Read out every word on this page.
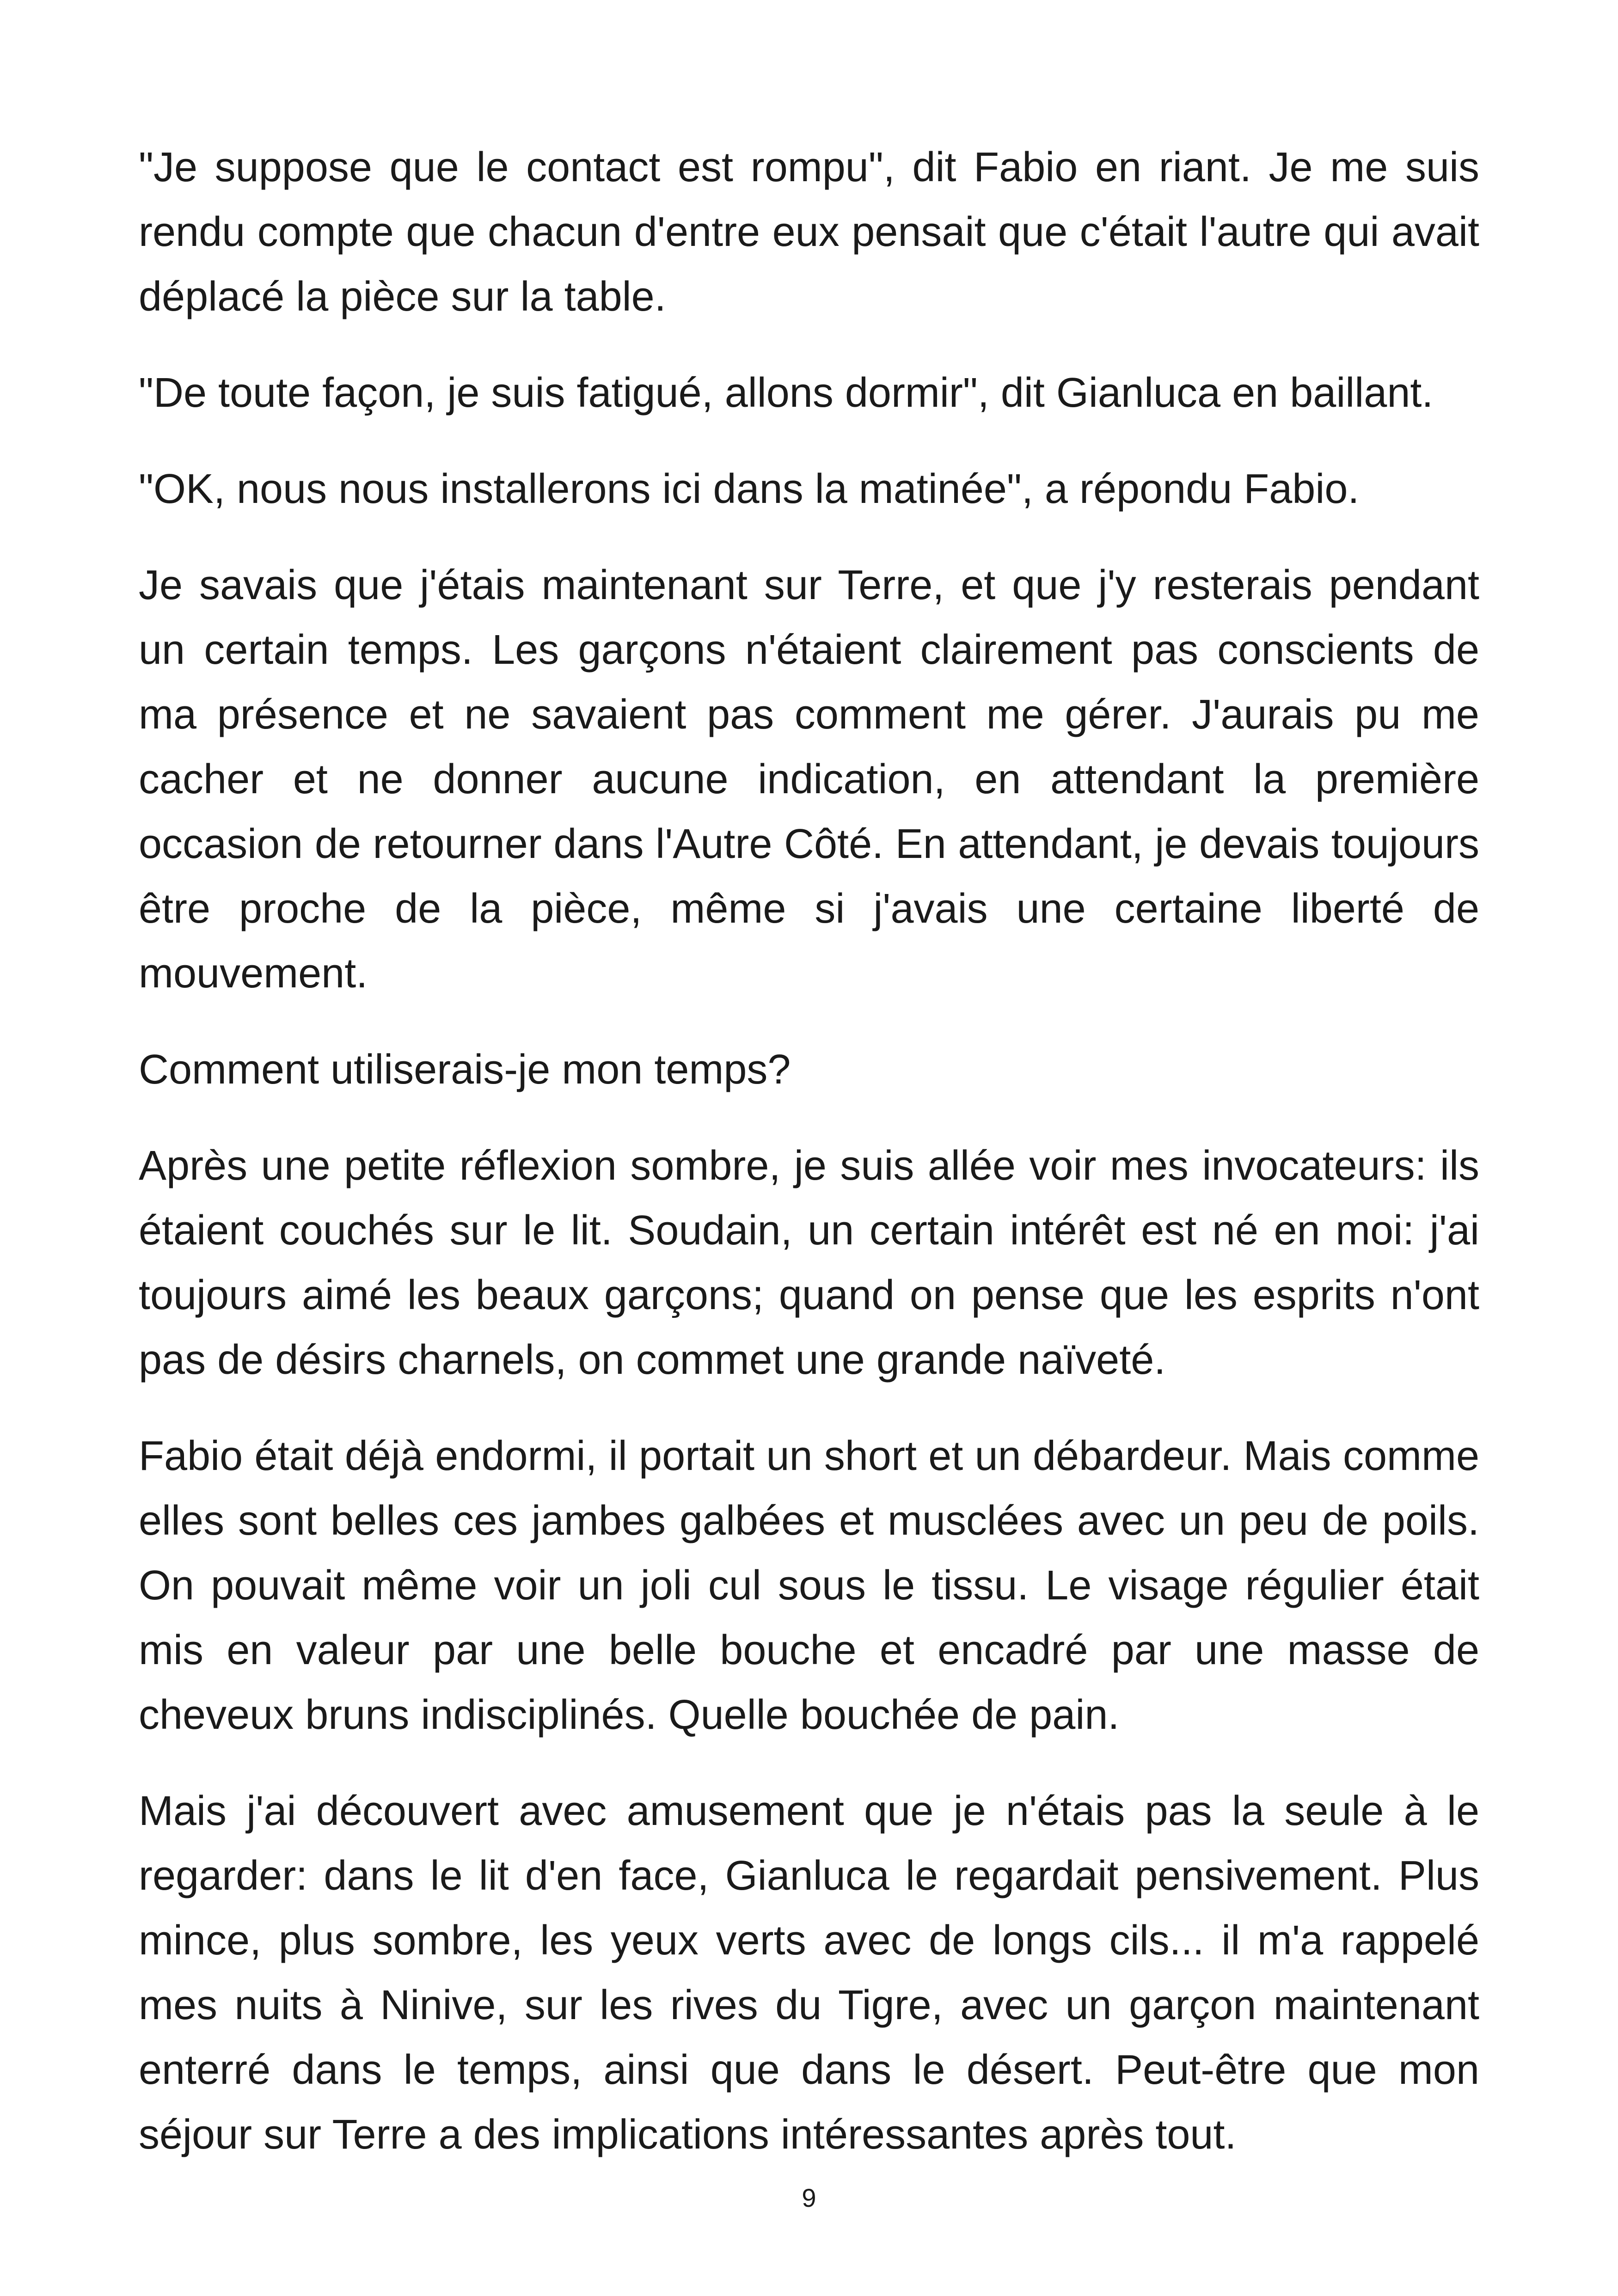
"Je suppose que le contact est rompu", dit Fabio en riant. Je me suis rendu compte que chacun d'entre eux pensait que c'était l'autre qui avait déplacé la pièce sur la table.

"De toute façon, je suis fatigué, allons dormir", dit Gianluca en baillant.

"OK, nous nous installerons ici dans la matinée", a répondu Fabio.

Je savais que j'étais maintenant sur Terre, et que j'y resterais pendant un certain temps. Les garçons n'étaient clairement pas conscients de ma présence et ne savaient pas comment me gérer. J'aurais pu me cacher et ne donner aucune indication, en attendant la première occasion de retourner dans l'Autre Côté. En attendant, je devais toujours être proche de la pièce, même si j'avais une certaine liberté de mouvement.

Comment utiliserais-je mon temps?

Après une petite réflexion sombre, je suis allée voir mes invocateurs: ils étaient couchés sur le lit. Soudain, un certain intérêt est né en moi: j'ai toujours aimé les beaux garçons; quand on pense que les esprits n'ont pas de désirs charnels, on commet une grande naïveté.

Fabio était déjà endormi, il portait un short et un débardeur. Mais comme elles sont belles ces jambes galbées et musclées avec un peu de poils. On pouvait même voir un joli cul sous le tissu. Le visage régulier était mis en valeur par une belle bouche et encadré par une masse de cheveux bruns indisciplinés. Quelle bouchée de pain.

Mais j'ai découvert avec amusement que je n'étais pas la seule à le regarder: dans le lit d'en face, Gianluca le regardait pensivement. Plus mince, plus sombre, les yeux verts avec de longs cils... il m'a rappelé mes nuits à Ninive, sur les rives du Tigre, avec un garçon maintenant enterré dans le temps, ainsi que dans le désert. Peut-être que mon séjour sur Terre a des implications intéressantes après tout.

9
